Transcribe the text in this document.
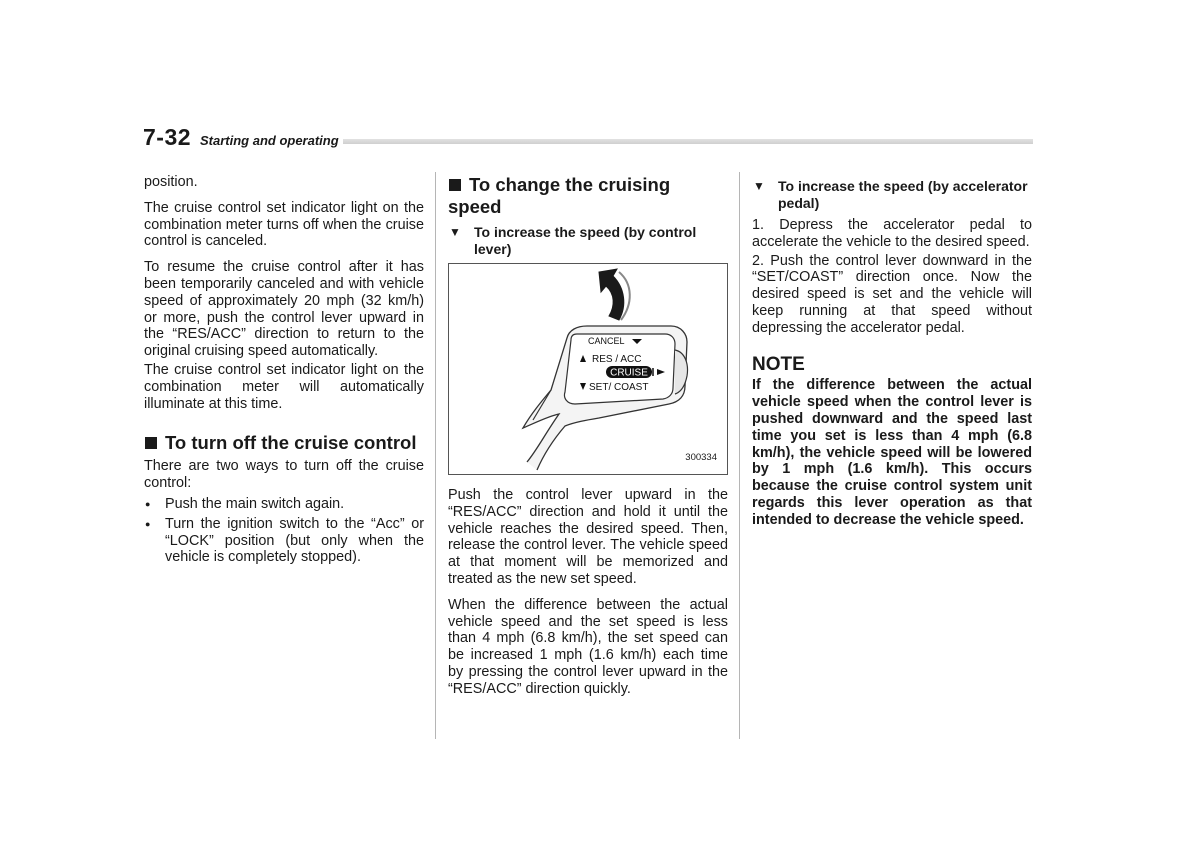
7-32 Starting and operating

position.

The cruise control set indicator light on the combination meter turns off when the cruise control is canceled.

To resume the cruise control after it has been temporarily canceled and with vehicle speed of approximately 20 mph (32 km/h) or more, push the control lever upward in the “RES/ACC” direction to return to the original cruising speed automatically.

The cruise control set indicator light on the combination meter will automatically illuminate at this time.

To turn off the cruise control

There are two ways to turn off the cruise control:

●	Push the main switch again.
●	Turn the ignition switch to the “Acc” or “LOCK” position (but only when the vehicle is completely stopped).
To change the cruising speed
▼ To increase the speed (by control lever)
CANCEL
RES / ACC
CRUISE
SET/ COAST
300334

Push the control lever upward in the “RES/ACC” direction and hold it until the vehicle reaches the desired speed. Then, release the control lever. The vehicle speed at that moment will be memorized and treated as the new set speed.

When the difference between the actual vehicle speed and the set speed is less than 4 mph (6.8 km/h), the set speed can be increased 1 mph (1.6 km/h) each time by pressing the control lever upward in the “RES/ACC” direction quickly.

▼ To increase the speed (by accelerator pedal)

1. Depress the accelerator pedal to accelerate the vehicle to the desired speed.

2. Push the control lever downward in the “SET/COAST” direction once. Now the desired speed is set and the vehicle will keep running at that speed without depressing the accelerator pedal.

NOTE

If the difference between the actual vehicle speed when the control lever is pushed downward and the speed last time you set is less than 4 mph (6.8 km/h), the vehicle speed will be lowered by 1 mph (1.6 km/h). This occurs because the cruise control system unit regards this lever operation as that intended to decrease the vehicle speed.
